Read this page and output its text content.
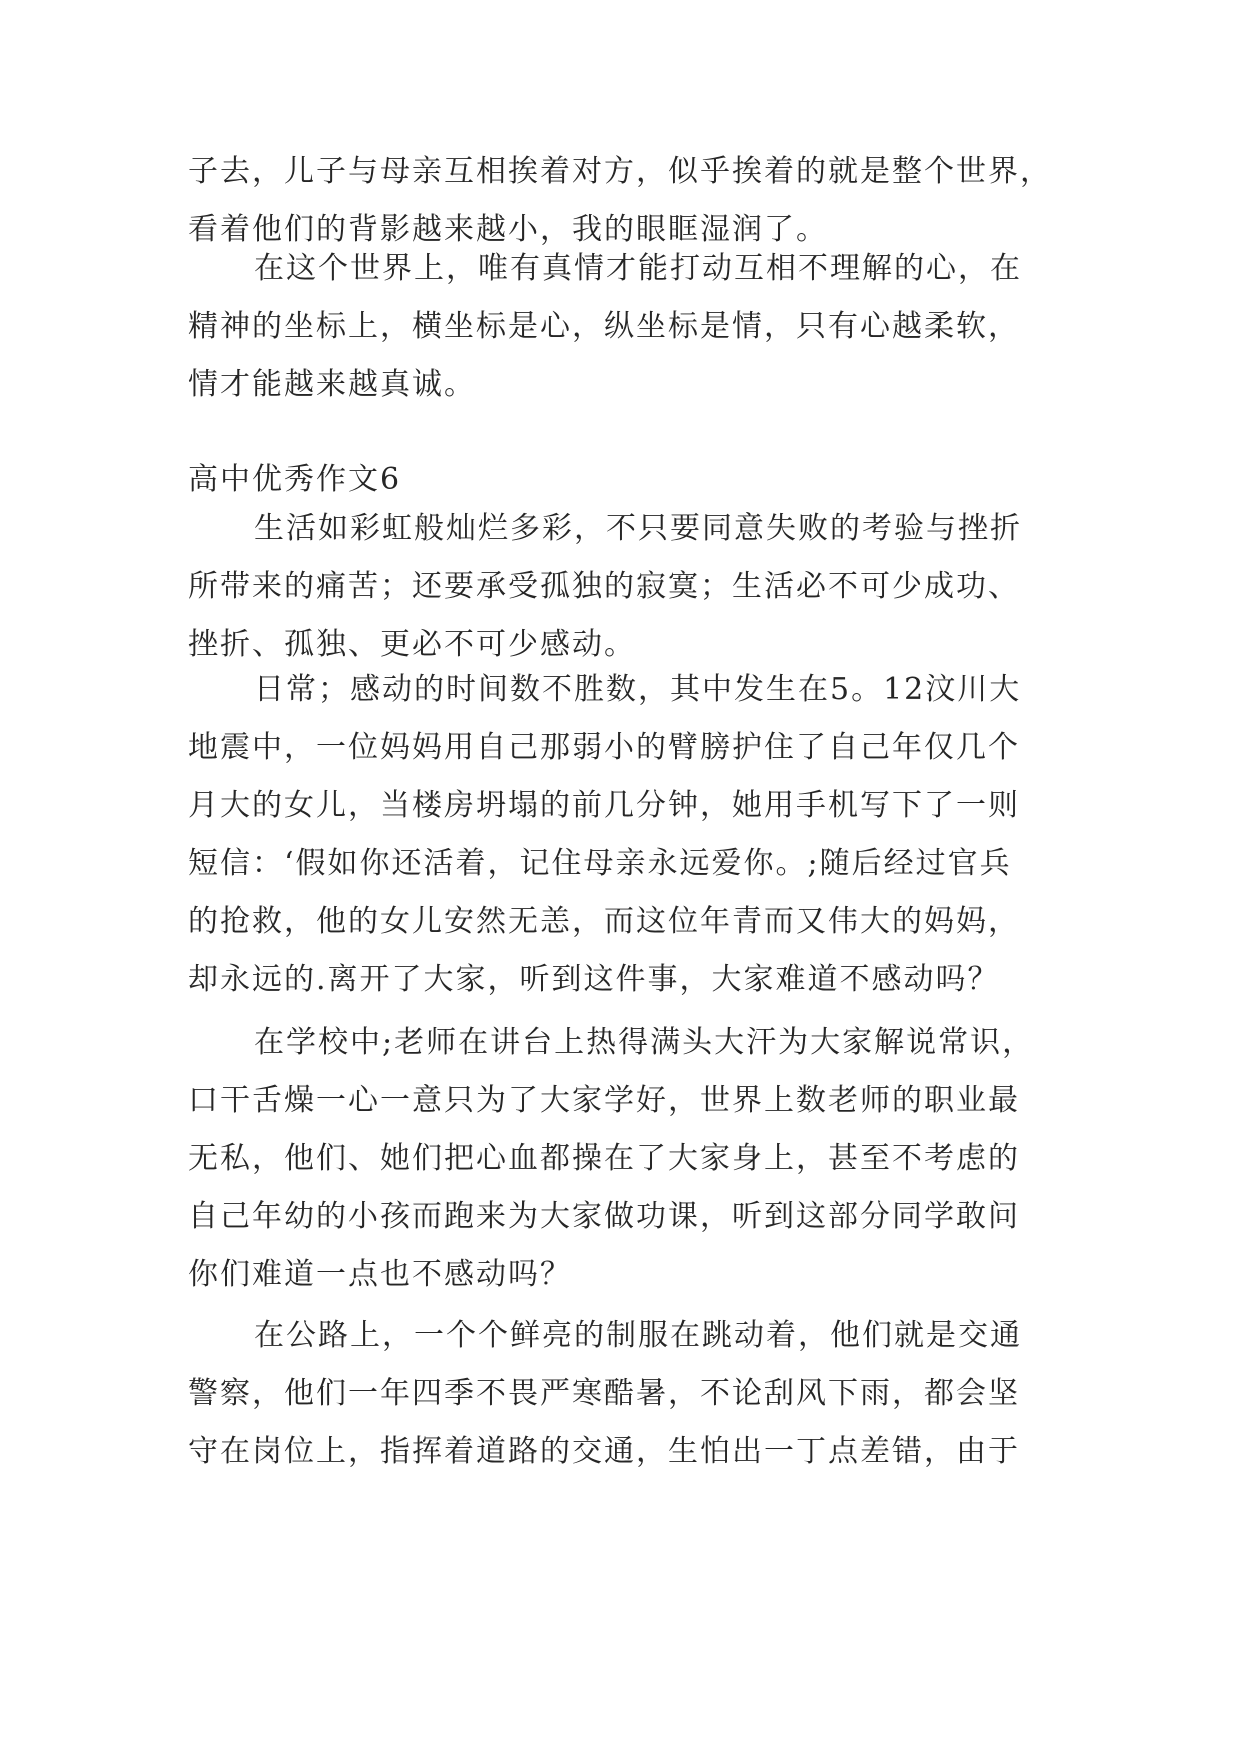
子去，儿子与母亲互相挨着对方，似乎挨着的就是整个世界，
看着他们的背影越来越小，我的眼眶湿润了。
在这个世界上，唯有真情才能打动互相不理解的心，在
精神的坐标上，横坐标是心，纵坐标是情，只有心越柔软，
情才能越来越真诚。
高中优秀作文6
生活如彩虹般灿烂多彩，不只要同意失败的考验与挫折
所带来的痛苦；还要承受孤独的寂寞；生活必不可少成功、
挫折、孤独、更必不可少感动。
日常；感动的时间数不胜数，其中发生在5。12汶川大
地震中，一位妈妈用自己那弱小的臂膀护住了自己年仅几个
月大的女儿，当楼房坍塌的前几分钟，她用手机写下了一则
短信：‘假如你还活着，记住母亲永远爱你。;随后经过官兵
的抢救，他的女儿安然无恙，而这位年青而又伟大的妈妈，
却永远的.离开了大家，听到这件事，大家难道不感动吗？
在学校中;老师在讲台上热得满头大汗为大家解说常识，
口干舌燥一心一意只为了大家学好，世界上数老师的职业最
无私，他们、她们把心血都操在了大家身上，甚至不考虑的
自己年幼的小孩而跑来为大家做功课，听到这部分同学敢问
你们难道一点也不感动吗？
在公路上，一个个鲜亮的制服在跳动着，他们就是交通
警察，他们一年四季不畏严寒酷暑，不论刮风下雨，都会坚
守在岗位上，指挥着道路的交通，生怕出一丁点差错，由于
